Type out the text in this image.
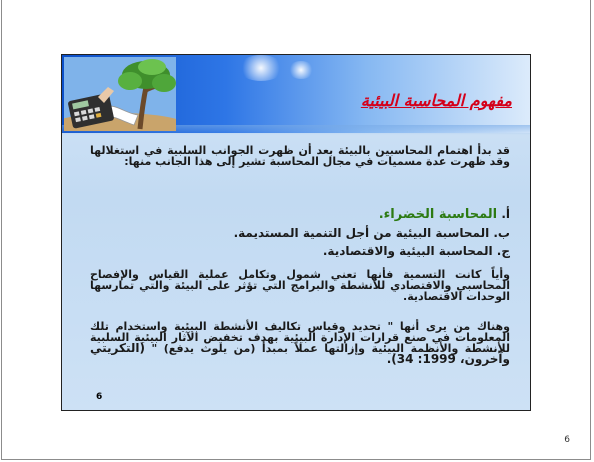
مفهوم المحاسبة البيئية
قد بدأ اهتمام المحاسبين بالبيئة بعد أن ظهرت الجوانب السلبية في استغلالها وقد ظهرت عدة مسميات في مجال المحاسبة تشير إلى هذا الجانب منها:
أ. المحاسبة الخضراء.
ب. المحاسبة البيئية من أجل التنمية المستديمة.
ج. المحاسبة البيئية والاقتصادية.
وأياً كانت التسمية فأنها تعني شمول وتكامل عملية القياس والإفصاح المحاسبي والاقتصادي للأنشطة والبرامج التي تؤثر على البيئة والتي تمارسها الوحدات الاقتصادية.
وهناك من يرى أنها " تحديد وقياس تكاليف الأنشطة البيئية واستخدام تلك المعلومات في صنع قرارات الإدارة البيئية بهدف تخفيض الآثار البيئية السلبية للأنشطة والأنظمة البيئية وإزالتها عملاً بمبدأ (من يلوث يدفع) " (التكريتي وآخرون، 1999: 34).
6
6
